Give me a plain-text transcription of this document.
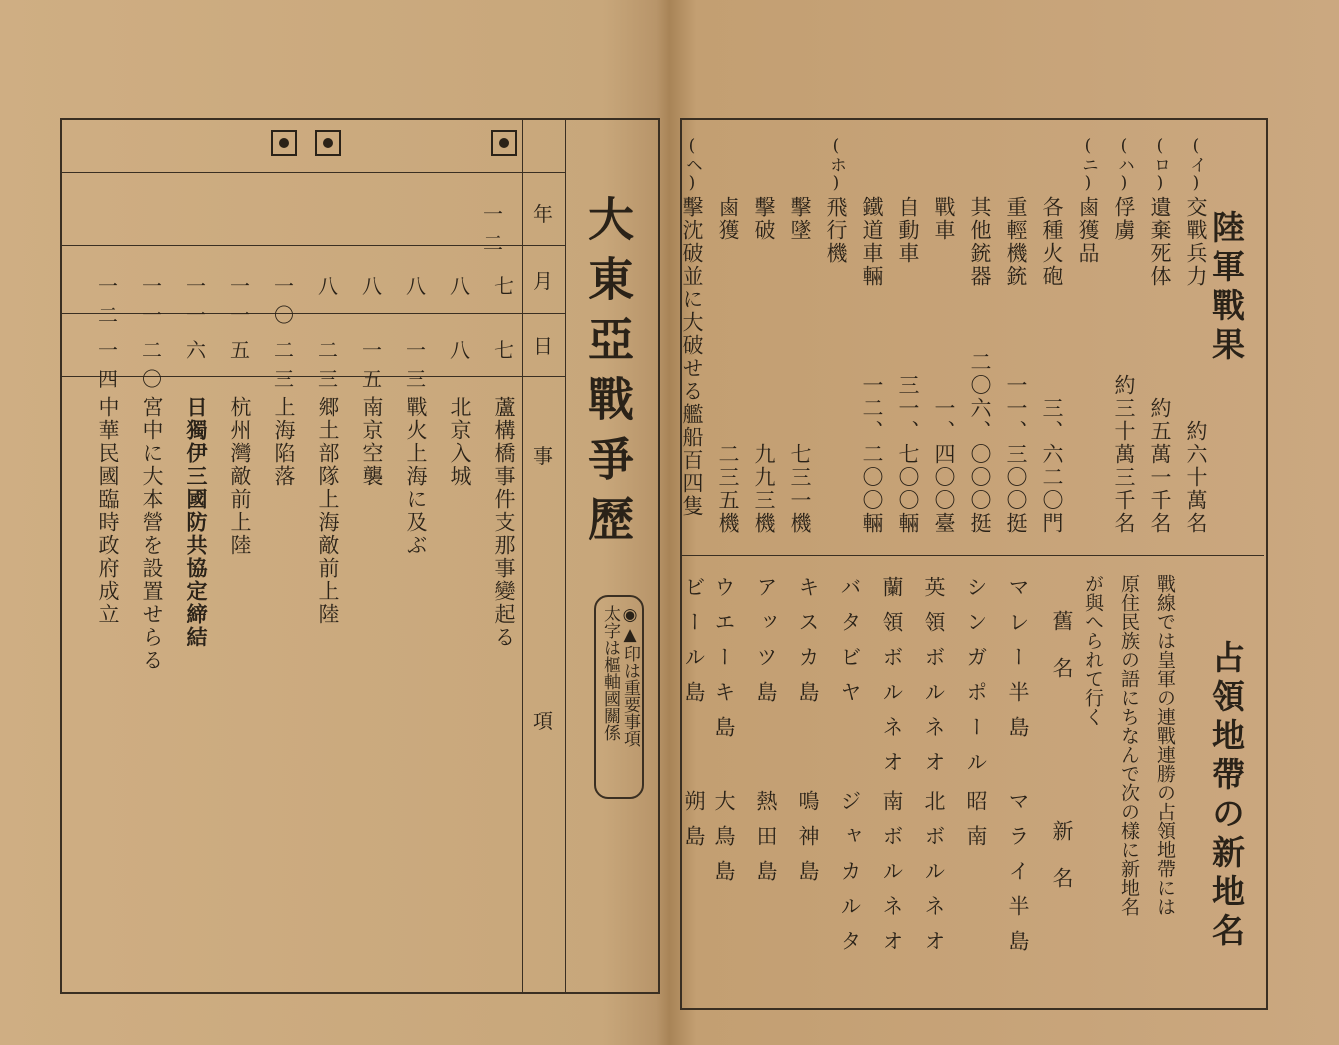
大東亞戰爭歷
◉▲印は重要事項
太字は樞軸國關係
年
月
日
事
項
一二
七
七
蘆構橋事件支那事變起る
八
八
北京入城
八
一三
戰火上海に及ぶ
八
一五
南京空襲
八
二三
郷土部隊上海敵前上陸
一〇
二三
上海陷落
一一
五
杭州灣敵前上陸
一一
六
日獨伊三國防共協定締結
一一
二〇
宮中に大本營を設置せらる
一二
一四
中華民國臨時政府成立
陸軍戰果
(イ)
交戰兵力
約六十萬名
(ロ)
遺棄死体
約五萬一千名
(ハ)
俘虜
約三十萬三千名
(ニ)
鹵獲品
各種火砲
三、六二〇門
重輕機銃
一一、三〇〇挺
其他銃器
二〇六、〇〇〇挺
戰車
一、四〇〇臺
自動車
三一、七〇〇輛
鐵道車輛
一二、二〇〇輛
(ホ)
飛行機
擊墜
七三一機
擊破
九九三機
鹵獲
二三五機
(ヘ)
擊沈破並に大破せる艦船百四隻
占領地帶の新地名
戰線では皇軍の連戰連勝の占領地帶には
原住民族の語にちなんで次の樣に新地名
が與へられて行く
舊名
新名
マレー半島
マライ半島
シンガポール
昭南
英領ボルネオ
北ボルネオ
蘭領ボルネオ
南ボルネオ
バタビヤ
ジャカルタ
キスカ島
鳴神島
アッツ島
熱田島
ウエーキ島
大鳥島
ビール島
朔島
